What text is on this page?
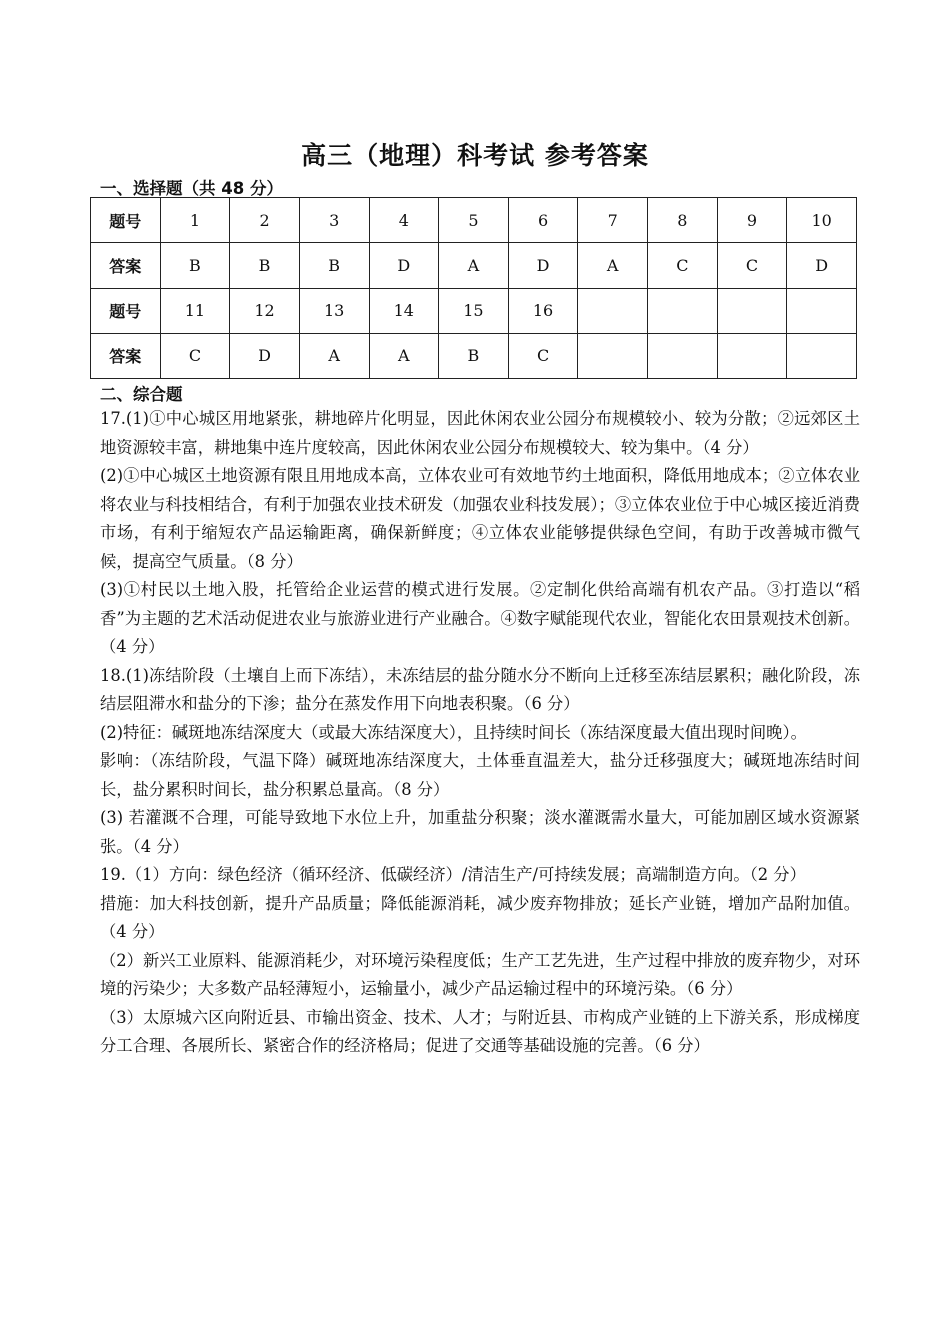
高三（地理）科考试 参考答案
一、选择题（共 48 分）
题号	1	2	3	4	5	6	7	8	9	10
答案	B	B	B	D	A	D	A	C	C	D
题号	11	12	13	14	15	16				
答案	C	D	A	A	B	C				
二、综合题

17.(1)①中心城区用地紧张，耕地碎片化明显，因此休闲农业公园分布规模较小、较为分散；②远郊区土地资源较丰富，耕地集中连片度较高，因此休闲农业公园分布规模较大、较为集中。（4 分）

(2)①中心城区土地资源有限且用地成本高，立体农业可有效地节约土地面积，降低用地成本；②立体农业将农业与科技相结合，有利于加强农业技术研发（加强农业科技发展）；③立体农业位于中心城区接近消费市场，有利于缩短农产品运输距离，确保新鲜度；④立体农业能够提供绿色空间，有助于改善城市微气候，提高空气质量。（8 分）

(3)①村民以土地入股，托管给企业运营的模式进行发展。②定制化供给高端有机农产品。③打造以“稻香”为主题的艺术活动促进农业与旅游业进行产业融合。④数字赋能现代农业，智能化农田景观技术创新。（4 分）

18.(1)冻结阶段（土壤自上而下冻结），未冻结层的盐分随水分不断向上迁移至冻结层累积；融化阶段，冻结层阻滞水和盐分的下渗；盐分在蒸发作用下向地表积聚。（6 分）

(2)特征：碱斑地冻结深度大（或最大冻结深度大），且持续时间长（冻结深度最大值出现时间晚）。

影响：（冻结阶段，气温下降）碱斑地冻结深度大，土体垂直温差大，盐分迁移强度大；碱斑地冻结时间长，盐分累积时间长，盐分积累总量高。（8 分）

(3) 若灌溉不合理，可能导致地下水位上升，加重盐分积聚；淡水灌溉需水量大，可能加剧区域水资源紧张。（4 分）

19.（1）方向：绿色经济（循环经济、低碳经济）/清洁生产/可持续发展；高端制造方向。（2 分）

措施：加大科技创新，提升产品质量；降低能源消耗，减少废弃物排放；延长产业链，增加产品附加值。（4 分）

（2）新兴工业原料、能源消耗少，对环境污染程度低；生产工艺先进，生产过程中排放的废弃物少，对环境的污染少；大多数产品轻薄短小，运输量小，减少产品运输过程中的环境污染。（6 分）

（3）太原城六区向附近县、市输出资金、技术、人才；与附近县、市构成产业链的上下游关系，形成梯度分工合理、各展所长、紧密合作的经济格局；促进了交通等基础设施的完善。（6 分）
